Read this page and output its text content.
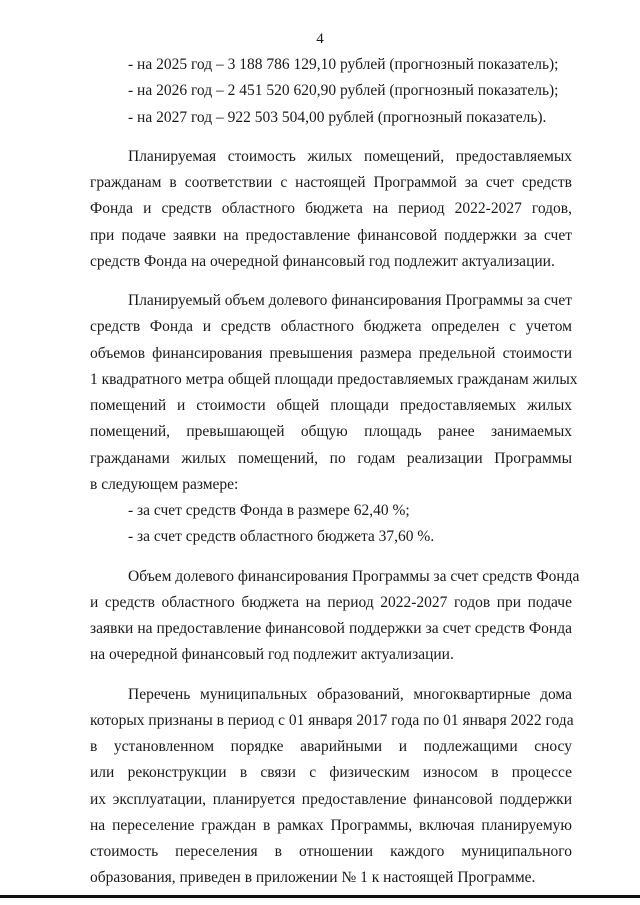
4
- на 2025 год – 3 188 786 129,10 рублей (прогнозный показатель);
- на 2026 год – 2 451 520 620,90 рублей (прогнозный показатель);
- на 2027 год – 922 503 504,00 рублей (прогнозный показатель).
Планируемая стоимость жилых помещений, предоставляемых
гражданам в соответствии с настоящей Программой за счет средств
Фонда и средств областного бюджета на период 2022-2027 годов,
при подаче заявки на предоставление финансовой поддержки за счет
средств Фонда на очередной финансовый год подлежит актуализации.
Планируемый объем долевого финансирования Программы за счет
средств Фонда и средств областного бюджета определен с учетом
объемов финансирования превышения размера предельной стоимости
1 квадратного метра общей площади предоставляемых гражданам жилых
помещений и стоимости общей площади предоставляемых жилых
помещений, превышающей общую площадь ранее занимаемых
гражданами жилых помещений, по годам реализации Программы
в следующем размере:
- за счет средств Фонда в размере 62,40 %;
- за счет средств областного бюджета 37,60 %.
Объем долевого финансирования Программы за счет средств Фонда
и средств областного бюджета на период 2022-2027 годов при подаче
заявки на предоставление финансовой поддержки за счет средств Фонда
на очередной финансовый год подлежит актуализации.
Перечень муниципальных образований, многоквартирные дома
которых признаны в период с 01 января 2017 года по 01 января 2022 года
в установленном порядке аварийными и подлежащими сносу
или реконструкции в связи с физическим износом в процессе
их эксплуатации, планируется предоставление финансовой поддержки
на переселение граждан в рамках Программы, включая планируемую
стоимость переселения в отношении каждого муниципального
образования, приведен в приложении № 1 к настоящей Программе.
